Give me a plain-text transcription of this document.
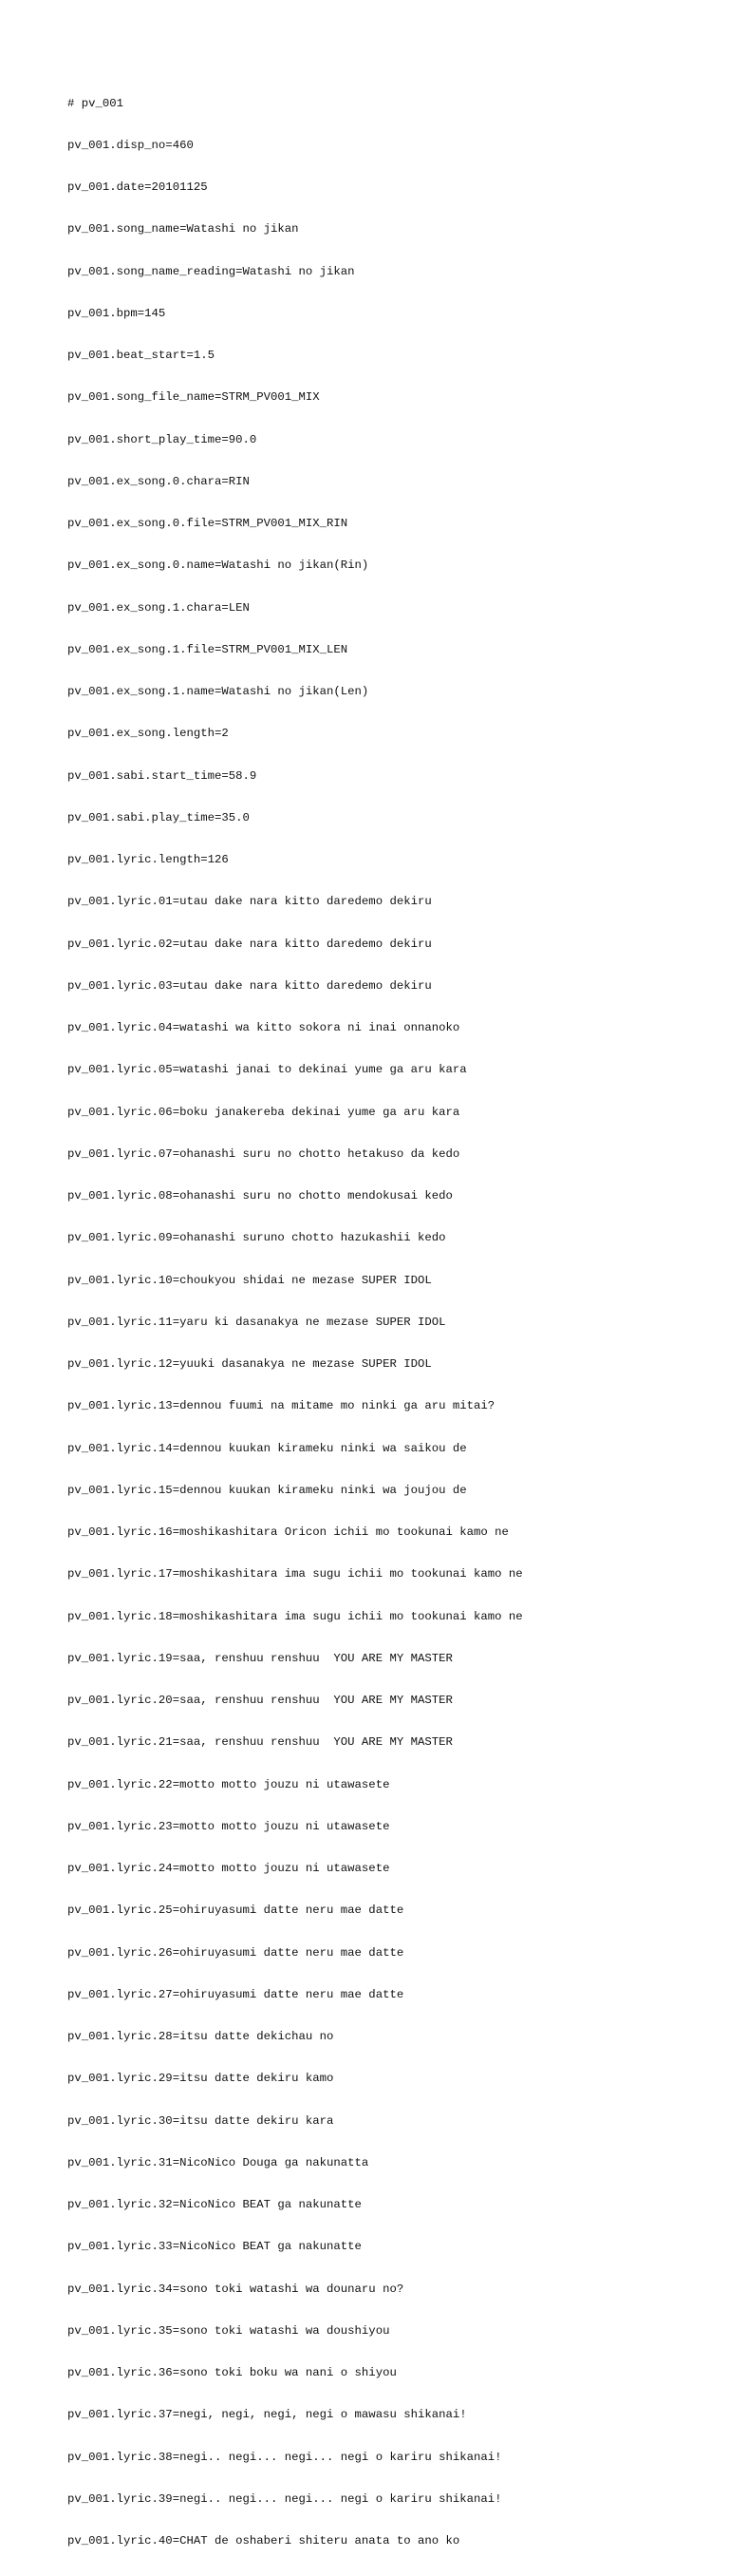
# pv_001

pv_001.disp_no=460

pv_001.date=20101125

pv_001.song_name=Watashi no jikan

pv_001.song_name_reading=Watashi no jikan

pv_001.bpm=145

pv_001.beat_start=1.5

pv_001.song_file_name=STRM_PV001_MIX

pv_001.short_play_time=90.0

pv_001.ex_song.0.chara=RIN

pv_001.ex_song.0.file=STRM_PV001_MIX_RIN

pv_001.ex_song.0.name=Watashi no jikan(Rin)

pv_001.ex_song.1.chara=LEN

pv_001.ex_song.1.file=STRM_PV001_MIX_LEN

pv_001.ex_song.1.name=Watashi no jikan(Len)

pv_001.ex_song.length=2

pv_001.sabi.start_time=58.9

pv_001.sabi.play_time=35.0

pv_001.lyric.length=126

pv_001.lyric.01=utau dake nara kitto daredemo dekiru

pv_001.lyric.02=utau dake nara kitto daredemo dekiru

pv_001.lyric.03=utau dake nara kitto daredemo dekiru

pv_001.lyric.04=watashi wa kitto sokora ni inai onnanoko

pv_001.lyric.05=watashi janai to dekinai yume ga aru kara

pv_001.lyric.06=boku janakereba dekinai yume ga aru kara

pv_001.lyric.07=ohanashi suru no chotto hetakuso da kedo

pv_001.lyric.08=ohanashi suru no chotto mendokusai kedo

pv_001.lyric.09=ohanashi suruno chotto hazukashii kedo

pv_001.lyric.10=choukyou shidai ne mezase SUPER IDOL

pv_001.lyric.11=yaru ki dasanakya ne mezase SUPER IDOL

pv_001.lyric.12=yuuki dasanakya ne mezase SUPER IDOL

pv_001.lyric.13=dennou fuumi na mitame mo ninki ga aru mitai?

pv_001.lyric.14=dennou kuukan kirameku ninki wa saikou de

pv_001.lyric.15=dennou kuukan kirameku ninki wa joujou de

pv_001.lyric.16=moshikashitara Oricon ichii mo tookunai kamo ne

pv_001.lyric.17=moshikashitara ima sugu ichii mo tookunai kamo ne

pv_001.lyric.18=moshikashitara ima sugu ichii mo tookunai kamo ne

pv_001.lyric.19=saa, renshuu renshuu  YOU ARE MY MASTER

pv_001.lyric.20=saa, renshuu renshuu  YOU ARE MY MASTER

pv_001.lyric.21=saa, renshuu renshuu  YOU ARE MY MASTER

pv_001.lyric.22=motto motto jouzu ni utawasete

pv_001.lyric.23=motto motto jouzu ni utawasete

pv_001.lyric.24=motto motto jouzu ni utawasete

pv_001.lyric.25=ohiruyasumi datte neru mae datte

pv_001.lyric.26=ohiruyasumi datte neru mae datte

pv_001.lyric.27=ohiruyasumi datte neru mae datte

pv_001.lyric.28=itsu datte dekichau no

pv_001.lyric.29=itsu datte dekiru kamo

pv_001.lyric.30=itsu datte dekiru kara

pv_001.lyric.31=NicoNico Douga ga nakunatta

pv_001.lyric.32=NicoNico BEAT ga nakunatte

pv_001.lyric.33=NicoNico BEAT ga nakunatte

pv_001.lyric.34=sono toki watashi wa dounaru no?

pv_001.lyric.35=sono toki watashi wa doushiyou

pv_001.lyric.36=sono toki boku wa nani o shiyou

pv_001.lyric.37=negi, negi, negi, negi o mawasu shikanai!

pv_001.lyric.38=negi.. negi... negi... negi o kariru shikanai!

pv_001.lyric.39=negi.. negi... negi... negi o kariru shikanai!

pv_001.lyric.40=CHAT de oshaberi shiteru anata to ano ko
